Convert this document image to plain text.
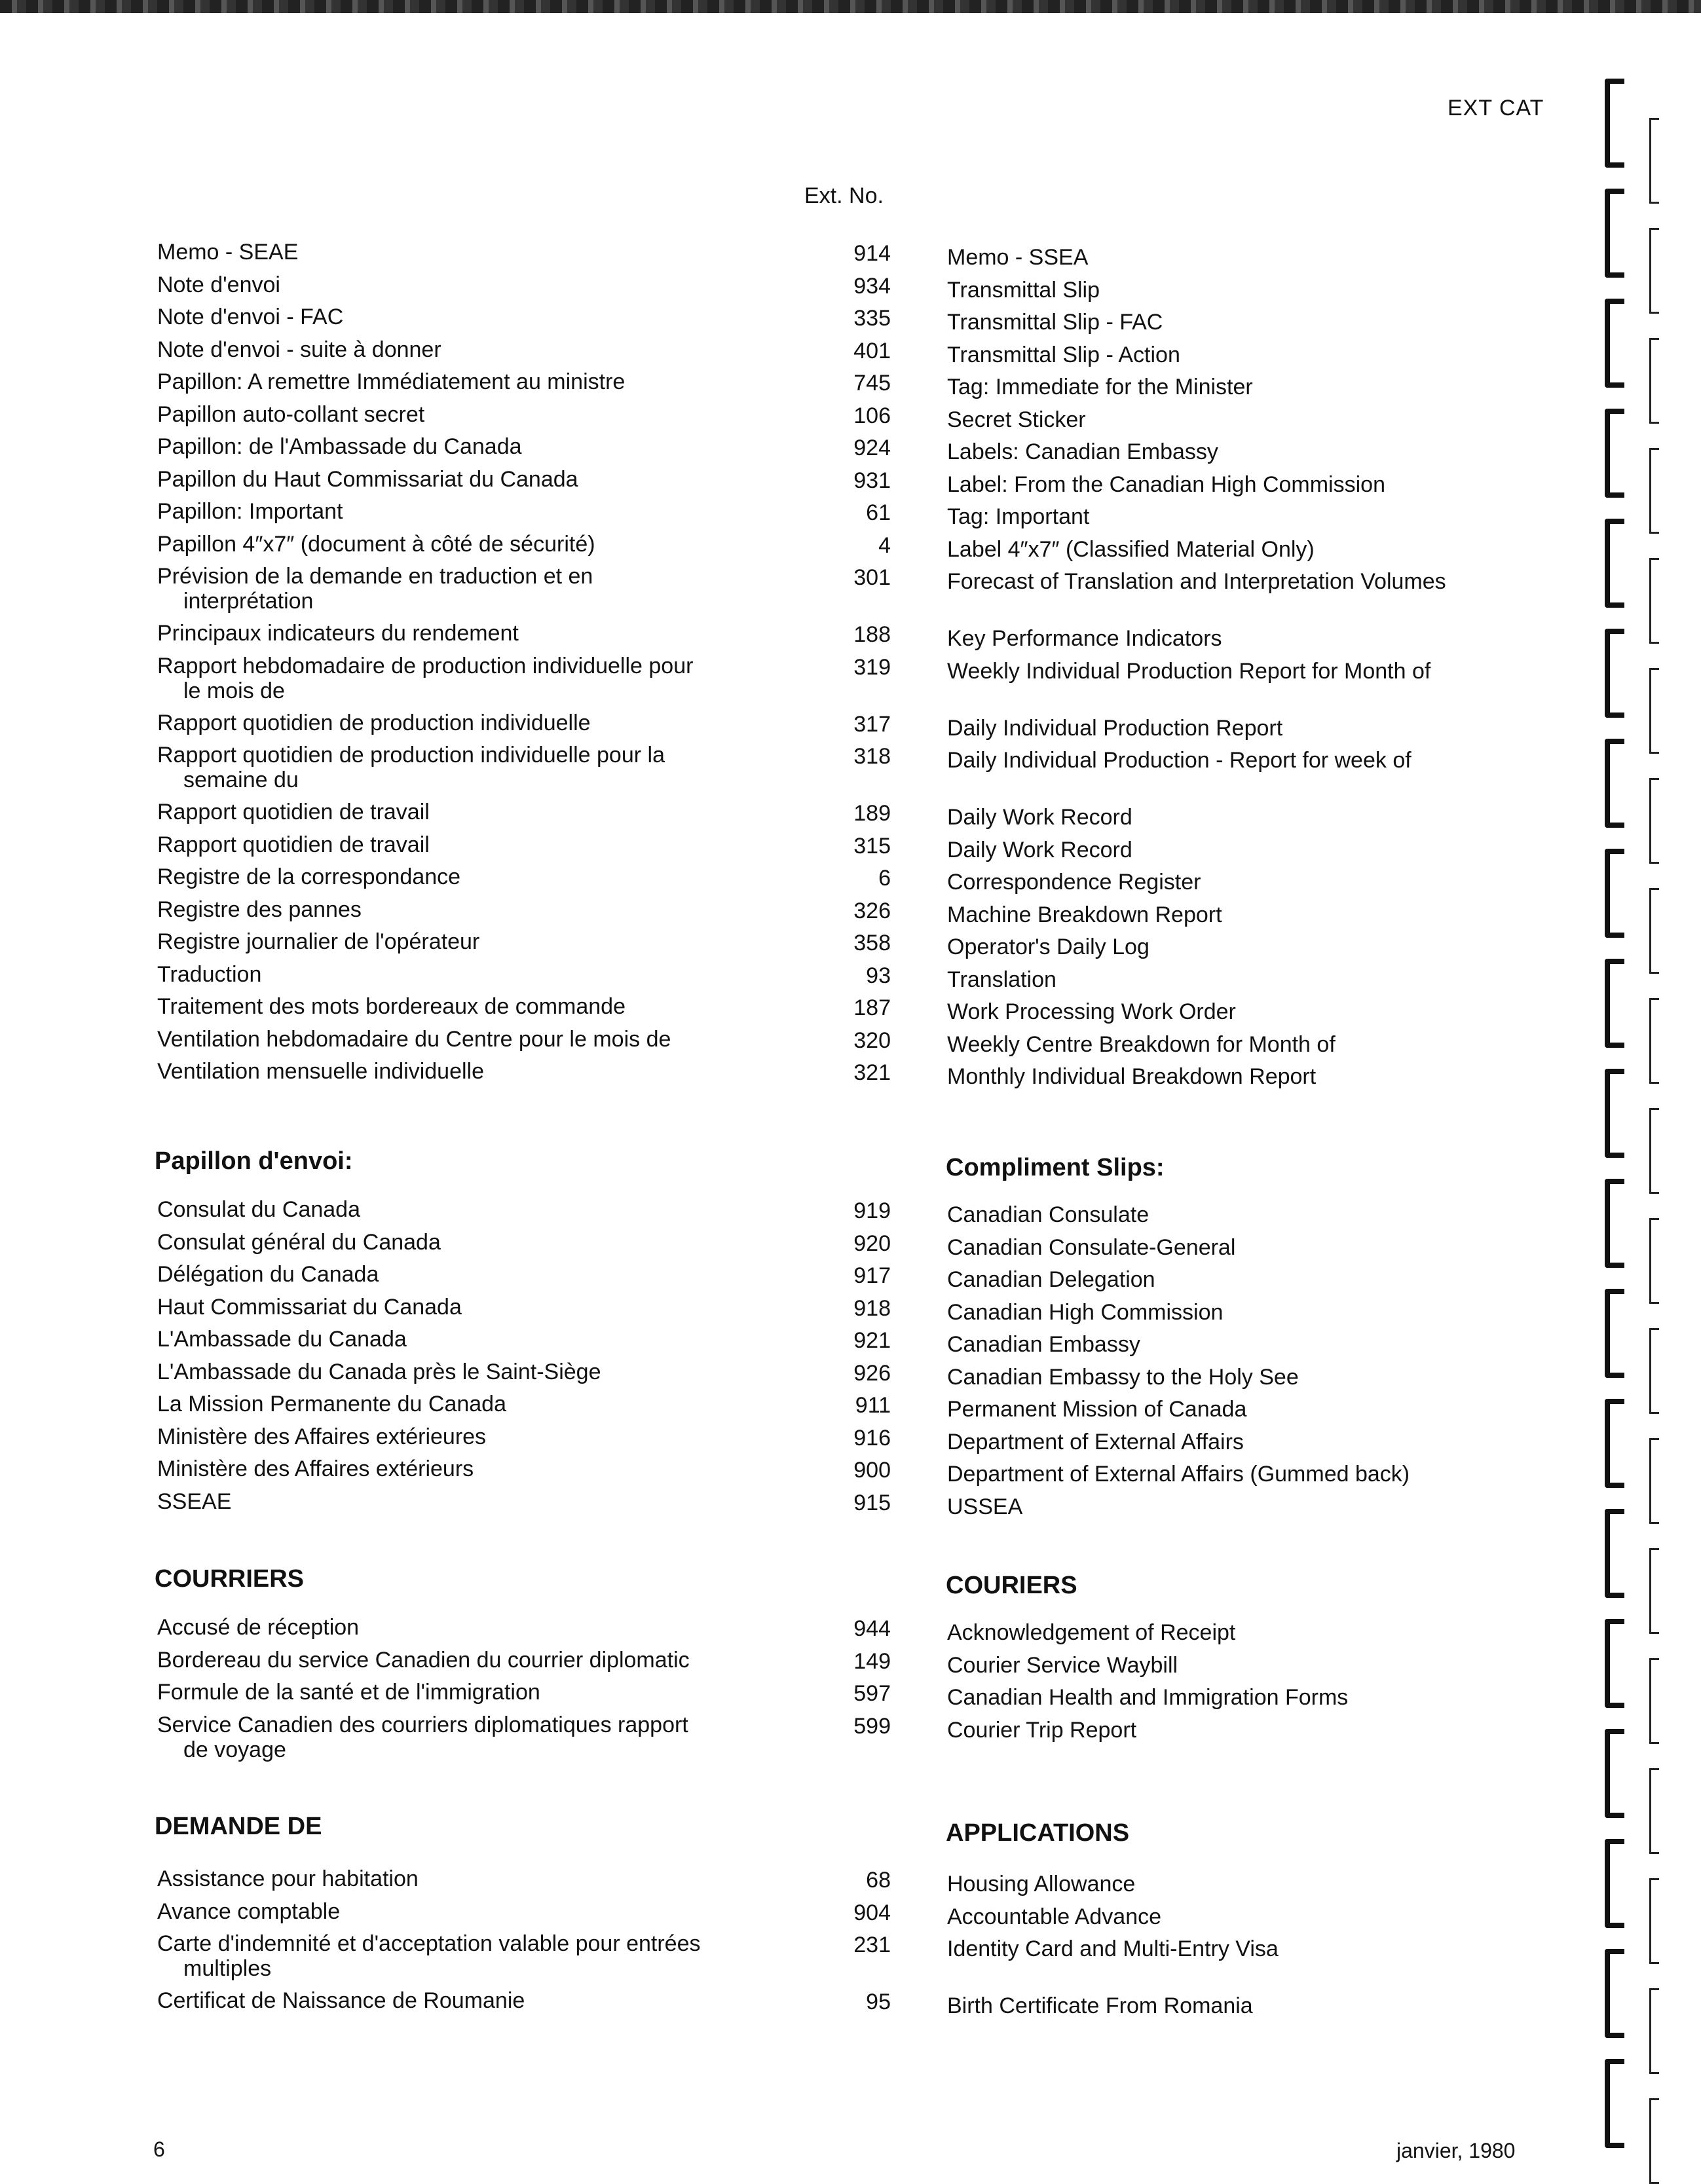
EXT CAT
Ext. No.
Memo - SEAE	914	Memo - SSEA
Note d'envoi	934	Transmittal Slip
Note d'envoi - FAC	335	Transmittal Slip - FAC
Note d'envoi - suite à donner	401	Transmittal Slip - Action
Papillon: A remettre Immédiatement au ministre	745	Tag: Immediate for the Minister
Papillon auto-collant secret	106	Secret Sticker
Papillon: de l'Ambassade du Canada	924	Labels: Canadian Embassy
Papillon du Haut Commissariat du Canada	931	Label: From the Canadian High Commission
Papillon: Important	61	Tag: Important
Papillon 4″x7″ (document à côté de sécurité)	4	Label 4″x7″ (Classified Material Only)
Prévision de la demande en traduction et en
interprétation
301	Forecast of Translation and Interpretation Volumes
Principaux indicateurs du rendement	188	Key Performance Indicators
Rapport hebdomadaire de production individuelle pour
le mois de
319	Weekly Individual Production Report for Month of
Rapport quotidien de production individuelle	317	Daily Individual Production Report
Rapport quotidien de production individuelle pour la
semaine du
318	Daily Individual Production - Report for week of
Rapport quotidien de travail	189	Daily Work Record
Rapport quotidien de travail	315	Daily Work Record
Registre de la correspondance	6	Correspondence Register
Registre des pannes	326	Machine Breakdown Report
Registre journalier de l'opérateur	358	Operator's Daily Log
Traduction	93	Translation
Traitement des mots bordereaux de commande	187	Work Processing Work Order
Ventilation hebdomadaire du Centre pour le mois de	320	Weekly Centre Breakdown for Month of
Ventilation mensuelle individuelle	321	Monthly Individual Breakdown Report
Papillon d'envoi:	Compliment Slips:
Consulat du Canada	919	Canadian Consulate
Consulat général du Canada	920	Canadian Consulate-General
Délégation du Canada	917	Canadian Delegation
Haut Commissariat du Canada	918	Canadian High Commission
L'Ambassade du Canada	921	Canadian Embassy
L'Ambassade du Canada près le Saint-Siège	926	Canadian Embassy to the Holy See
La Mission Permanente du Canada	911	Permanent Mission of Canada
Ministère des Affaires extérieures	916	Department of External Affairs
Ministère des Affaires extérieurs	900	Department of External Affairs (Gummed back)
SSEAE	915	USSEA
COURRIERS	COURIERS
Accusé de réception	944	Acknowledgement of Receipt
Bordereau du service Canadien du courrier diplomatic	149	Courier Service Waybill
Formule de la santé et de l'immigration	597	Canadian Health and Immigration Forms
Service Canadien des courriers diplomatiques rapport
de voyage
599	Courier Trip Report
DEMANDE DE	APPLICATIONS
Assistance pour habitation	68	Housing Allowance
Avance comptable	904	Accountable Advance
Carte d'indemnité et d'acceptation valable pour entrées
multiples
231	Identity Card and Multi-Entry Visa
Certificat de Naissance de Roumanie	95	Birth Certificate From Romania
6	janvier, 1980
